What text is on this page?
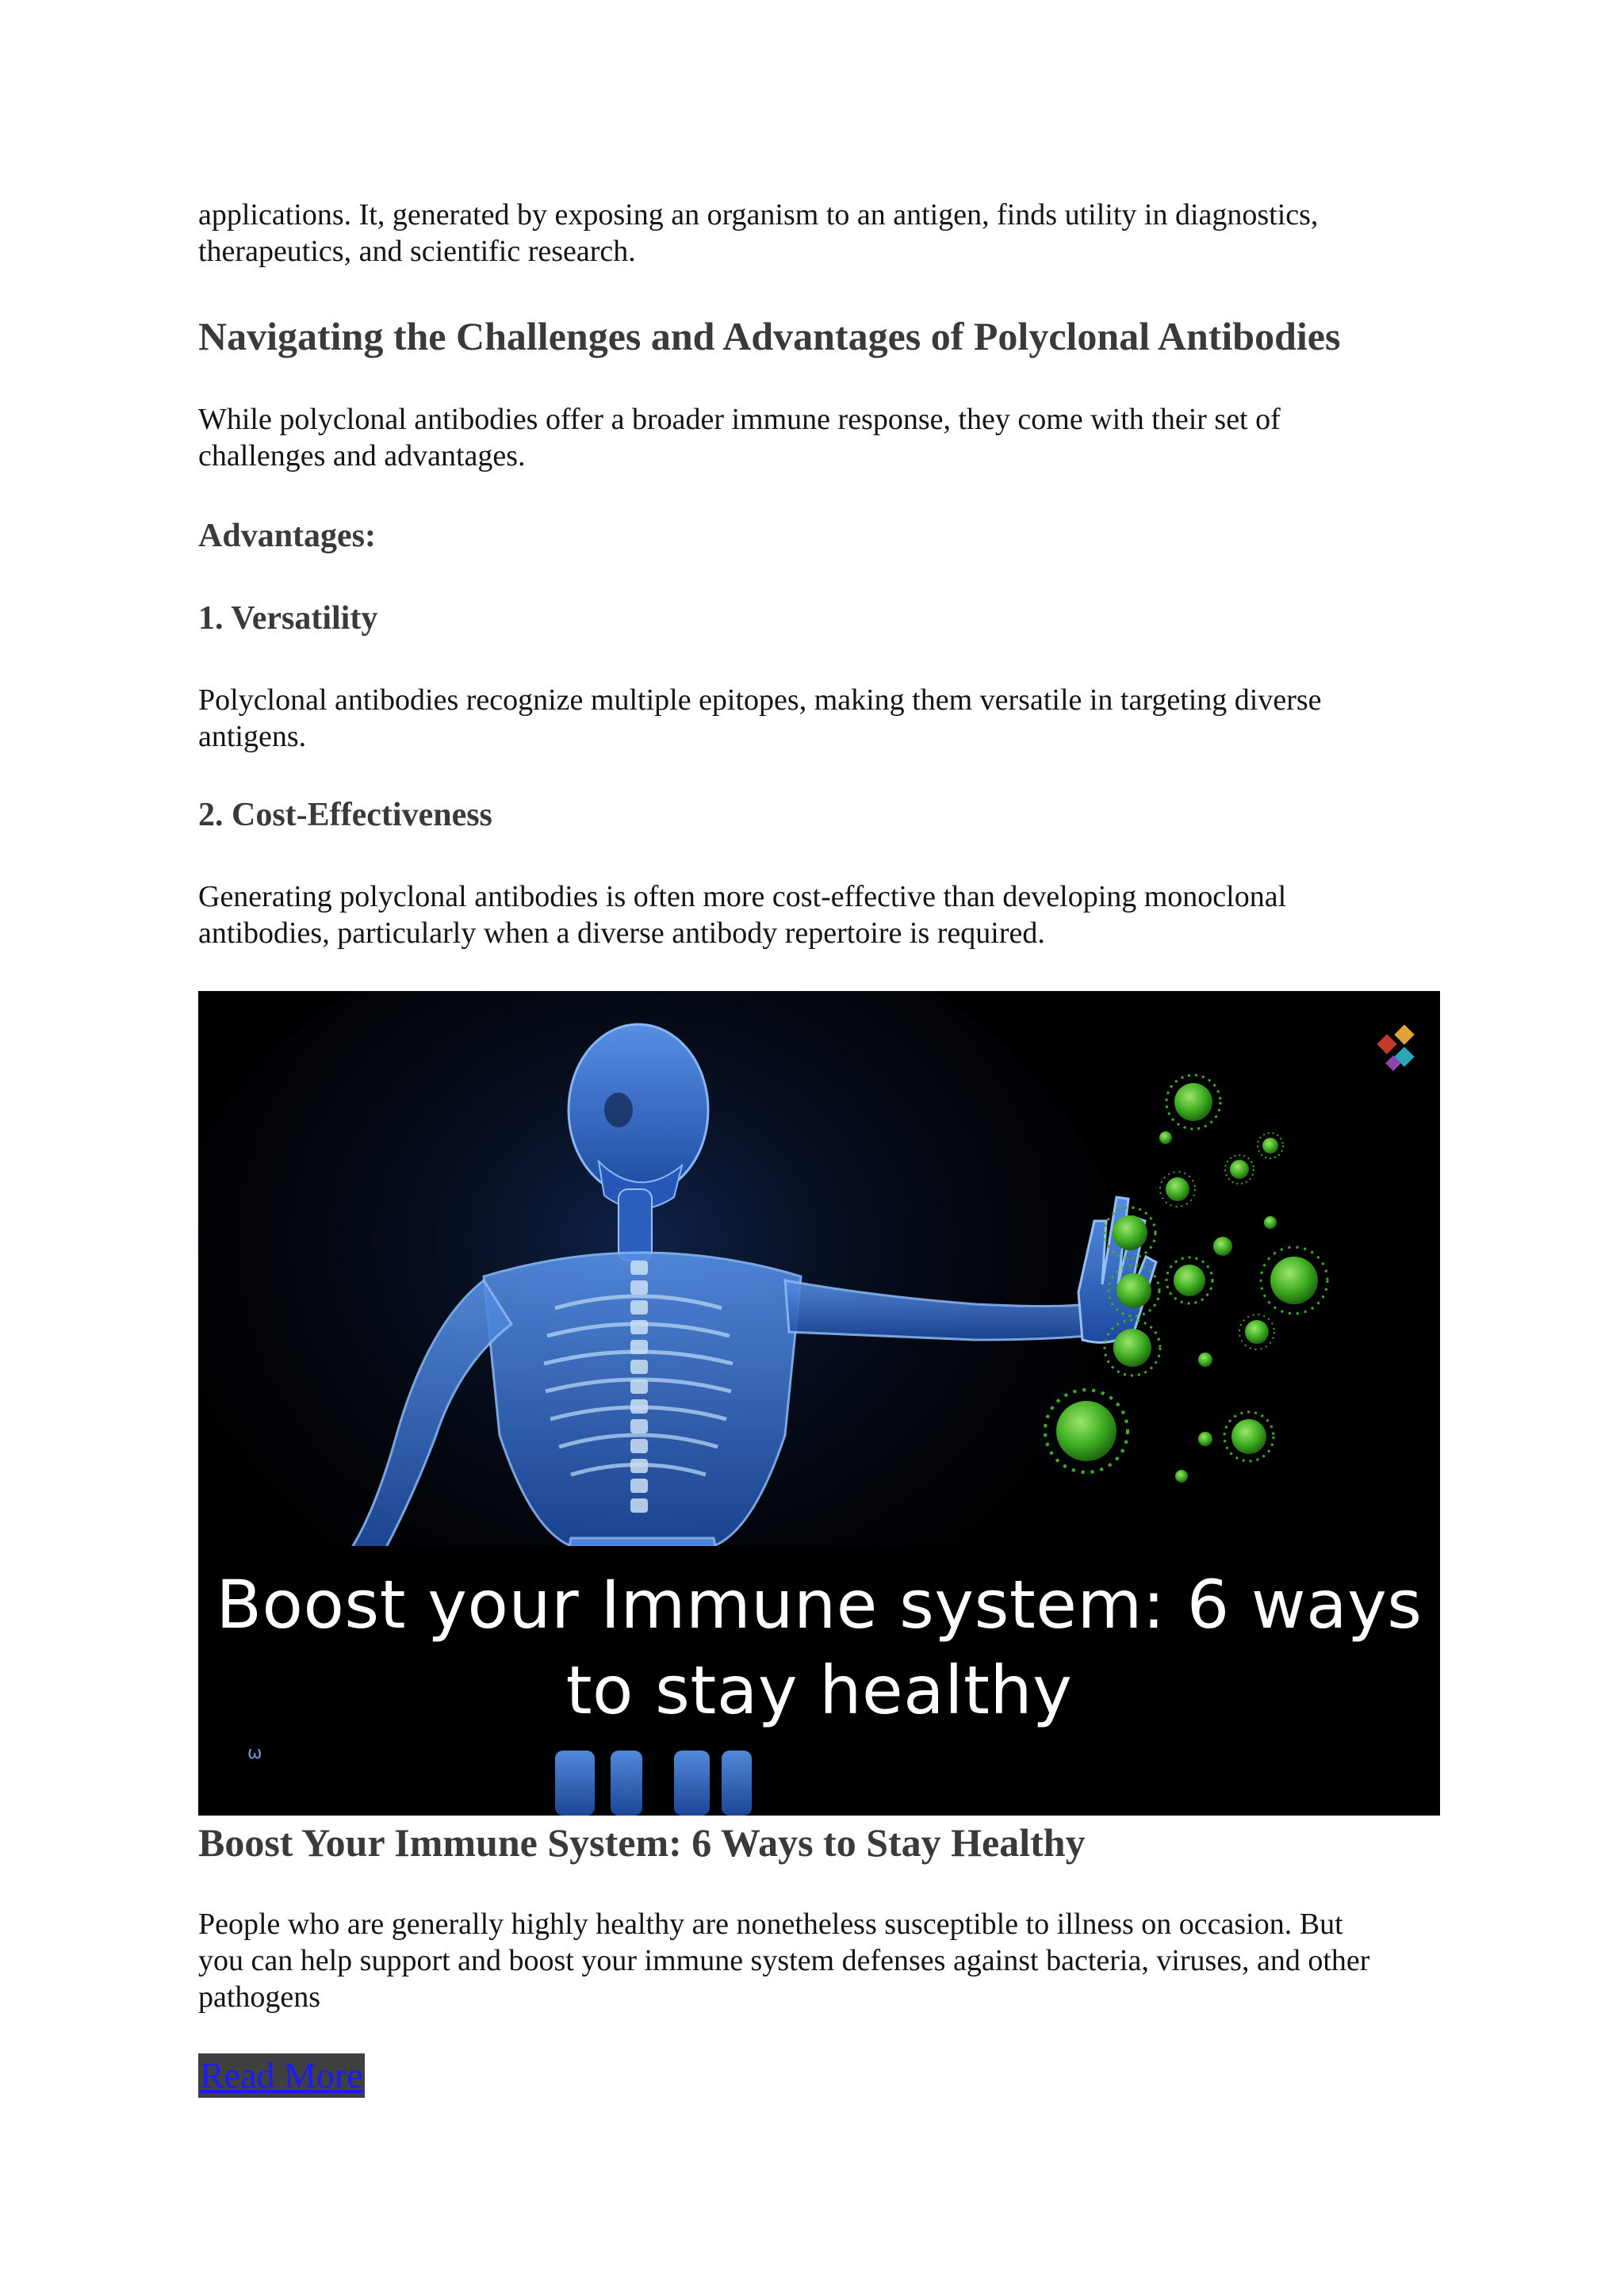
applications. It, generated by exposing an organism to an antigen, finds utility in diagnostics,

therapeutics, and scientific research.

Navigating the Challenges and Advantages of Polyclonal Antibodies

While polyclonal antibodies offer a broader immune response, they come with their set of

challenges and advantages.

Advantages:
1. Versatility

Polyclonal antibodies recognize multiple epitopes, making them versatile in targeting diverse

antigens.

2. Cost-Effectiveness

Generating polyclonal antibodies is often more cost-effective than developing monoclonal

antibodies, particularly when a diverse antibody repertoire is required.

ѡ
Boost your Immune system: 6 ways
to stay healthy
Boost Your Immune System: 6 Ways to Stay Healthy

People who are generally highly healthy are nonetheless susceptible to illness on occasion. But

you can help support and boost your immune system defenses against bacteria, viruses, and other

pathogens

Read More
